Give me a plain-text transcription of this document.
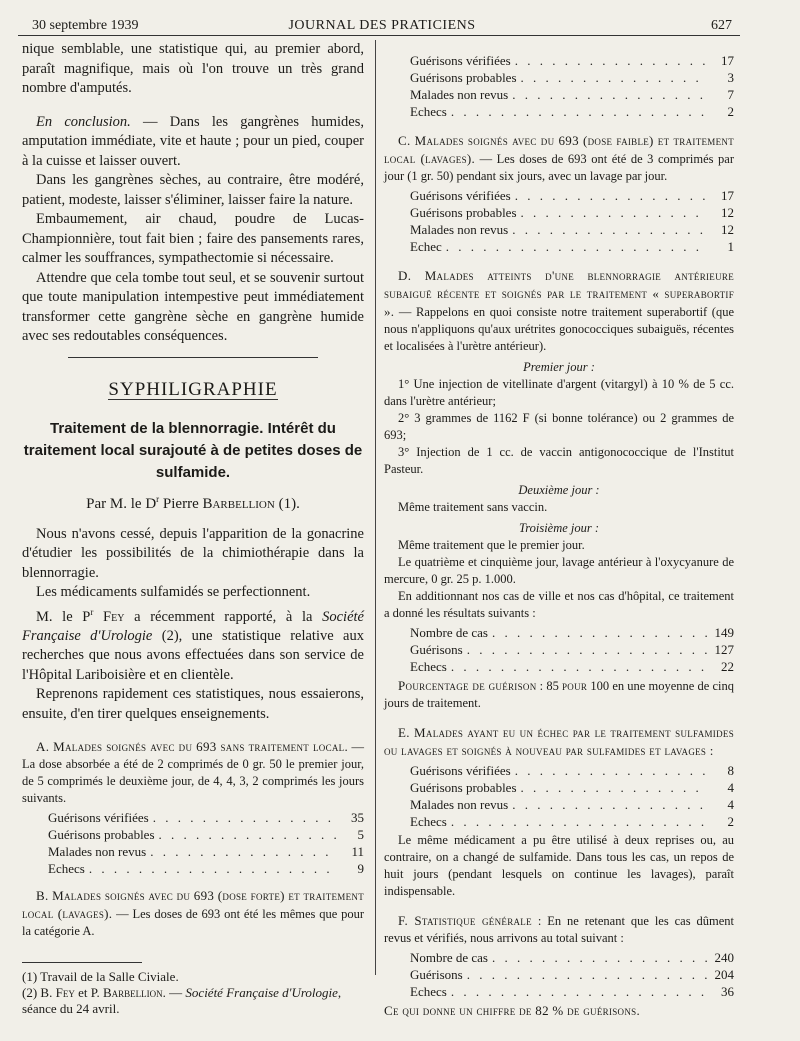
30 septembre 1939	JOURNAL DES PRATICIENS	627

nique semblable, une statistique qui, au premier abord, paraît magnifique, mais où l'on trouve un très grand nombre d'amputés.

En conclusion. — Dans les gangrènes humides, amputation immédiate, vite et haute ; pour un pied, couper à la cuisse et laisser ouvert.

Dans les gangrènes sèches, au contraire, être modéré, patient, modeste, laisser s'éliminer, laisser faire la nature.

Embaumement, air chaud, poudre de Lucas-Championnière, tout fait bien ; faire des pansements rares, calmer les souffrances, sympathectomie si nécessaire.

Attendre que cela tombe tout seul, et se souvenir surtout que toute manipulation intempestive peut immédiatement transformer cette gangrène sèche en gangrène humide avec ses redoutables conséquences.

SYPHILIGRAPHIE
Traitement de la blennorragie. Intérêt du traitement local surajouté à de petites doses de sulfamide.
Par M. le $D^r$ Pierre Barbellion (1).

Nous n'avons cessé, depuis l'apparition de la gonacrine d'étudier les possibilités de la chimiothérapie dans la blennorragie.

Les médicaments sulfamidés se perfectionnent.

M. le $P^r$ Fey a récemment rapporté, à la Société Française d'Urologie (2), une statistique relative aux recherches que nous avons effectuées dans son service de l'Hôpital Lariboisière et en clientèle.

Reprenons rapidement ces statistiques, nous essaierons, ensuite, d'en tirer quelques enseignements.

A. Malades soignés avec du 693 sans traitement local. — La dose absorbée a été de 2 comprimés de 0 gr. 50 le premier jour, de 5 comprimés le deuxième jour, de 4, 4, 3, 2 comprimés les jours suivants.

Guérisons vérifiées . . .	35
Guérisons probables . . .	5
Malades non revus . . .	11
Echecs . . .	9

B. Malades soignés avec du 693 (dose forte) et traitement local (lavages). — Les doses de 693 ont été les mêmes que pour la catégorie A.

(1) Travail de la Salle Civiale.
(2) B. Fey et P. Barbellion. — Société Française d'Urologie, séance du 24 avril.
Guérisons vérifiées . . .	17
Guérisons probables . . .	3
Malades non revus . . .	7
Echecs . . .	2

C. Malades soignés avec du 693 (dose faible) et traitement local (lavages). — Les doses de 693 ont été de 3 comprimés par jour (1 gr. 50) pendant six jours, avec un lavage par jour.

Guérisons vérifiées . . .	17
Guérisons probables . . .	12
Malades non revus . . .	12
Echec . . .	1

D. Malades atteints d'une blennorragie antérieure subaiguë récente et soignés par le traitement « superabortif ». — Rappelons en quoi consiste notre traitement superabortif (que nous n'appliquons qu'aux urétrites gonococciques subaiguës, récentes et localisées à l'urètre antérieur).

Premier jour :

1° Une injection de vitellinate d'argent (vitargyl) à 10 % de 5 cc. dans l'urètre antérieur;

2° 3 grammes de 1162 F (si bonne tolérance) ou 2 grammes de 693;

3° Injection de 1 cc. de vaccin antigonococcique de l'Institut Pasteur.

Deuxième jour :

Même traitement sans vaccin.

Troisième jour :

Même traitement que le premier jour.

Le quatrième et cinquième jour, lavage antérieur à l'oxycyanure de mercure, 0 gr. 25 p. 1.000.

En additionnant nos cas de ville et nos cas d'hôpital, ce traitement a donné les résultats suivants :

Nombre de cas . . .	149
Guérisons . . .	127
Echecs . . .	22

Pourcentage de guérison : 85 pour 100 en une moyenne de cinq jours de traitement.

E. Malades ayant eu un échec par le traitement sulfamides ou lavages et soignés à nouveau par sulfamides et lavages :

Guérisons vérifiées . . .	8
Guérisons probables . . .	4
Malades non revus . . .	4
Echecs . . .	2

Le même médicament a pu être utilisé à deux reprises ou, au contraire, on a changé de sulfamide. Dans tous les cas, un repos de huit jours (pendant lesquels on continue les lavages), paraît indispensable.

F. Statistique générale : En ne retenant que les cas dûment revus et vérifiés, nous arrivons au total suivant :

Nombre de cas . . .	240
Guérisons . . .	204
Echecs . . .	36

Ce qui donne un chiffre de 82 % de guérisons.
